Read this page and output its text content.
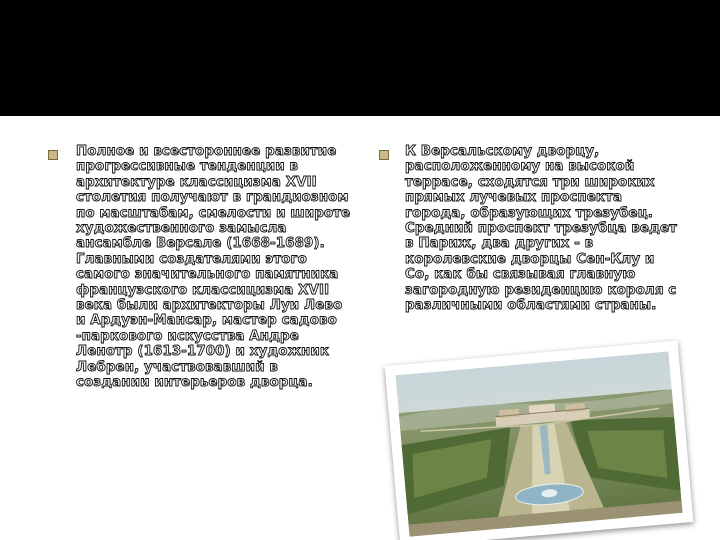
Полное и всестороннее развитие прогрессивные тенденции в архитектуре классицизма XVII столетия получают в грандиозном по масштабам, смелости и широте художественного замысла ансамбле Версале (1668-1689). Главными создателями этого самого значительного памятника французского классицизма XVII века были архитекторы Луи Лево и Ардуэн-Мансар, мастер садово -паркового искусства Андре Ленотр (1613-1700) и художник Лебрен, участвовавший в создании интерьеров дворца.

К Версальскому дворцу, расположенному на высокой террасе, сходятся три широких прямых лучевых проспекта города, образующих трезубец. Средний проспект трезубца ведет в Париж, два других - в королевские дворцы Сен-Клу и Со, как бы связывая главную загородную резиденцию короля с различными областями страны.
